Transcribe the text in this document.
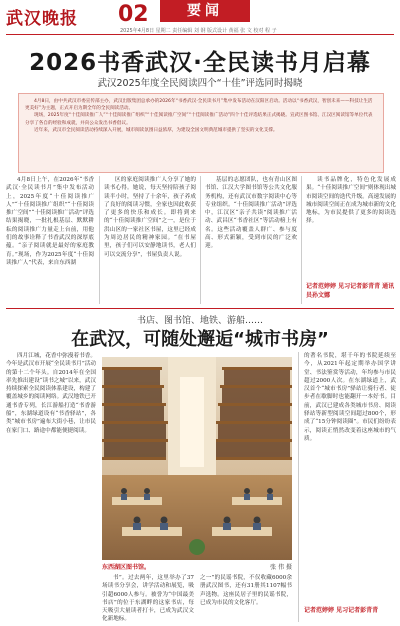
武汉晚报 02	要闻
2025年4月8日 星期二 责任编辑 刘 钢 版式设计 黄福 张 文 校对 程 子
2026书香武汉·全民读书月启幕
武汉2025年度全民阅读四个“十佳”评选同时揭晓

4月8日，由中共武汉市委宣传部主办，武汉出版集团总承办的2026年“书香武汉·全民读书月”集中发布活动在汉阳区启动。活动以“书香武汉，智创未来——科技让生活更美好”为主题，正式开启为期全年的全民阅读活动。

现场，2025年度“十佳阅读推广人”“十佳阅读推广组织”“十佳阅读推广空间”“十佳阅读推广活动”四个十佳评选结果正式揭晓。宣武区图书馆、江汉区阅读馆等单位代表分享了各自的经验和成就，并向公众发出书香倡议。

近年来，武汉市全民阅读活动持续深入开展，城市阅读氛围日益浓厚，为建设全国文明典范城市提供了坚实的文化支撑。

4月8日上午，在2026年“书香武汉·全民读书月”集中发布活动上，2025年度“十佳阅读推广人”“十佳阅读推广组织”“十佳阅读推广空间”“十佳阅读推广活动”评选结果揭晓，一批扎根基层、默默耕耘的阅读推广力量走上台前，用他们的故事诠释了书香武汉的深厚底蕴。“亲子阅读就是最好的家庭教育。”现场，作为2025年度“十佳阅读推广人”代表，来自东西湖

区的家庭阅读推广人分享了她的读书心得。她说，每天坚持陪孩子阅读半小时，坚持了十余年，孩子养成了良好的阅读习惯，全家也因此收获了更多的快乐和成长。即将到来的“十佳阅读推广空间”之一，是位于洪山区的一家社区书屋，这里已经成为周边居民的精神家园。“在书屋里，孩子们可以安静地读书，老人们可以交流分享”，书屋负责人说。

基层的志愿团队，也有青山区图书馆、江汉大学图书馆等公共文化服务机构，还有武汉市数字阅读中心等专业组织。“十佳阅读推广活动”评选中，江汉区“亲子共读”阅读推广活动、武昌区“书香社区”等活动榜上有名。这些活动覆盖人群广、参与度高、形式新颖，受到市民的广泛欢迎。

读书品牌化，特色化发展成果。“十佳阅读推广空间”则体现出城市阅读空间的迭代升级。高速发展的城市阅读空间正在成为城市新的文化地标，为市民提供了更多的阅读选择。

记者范婷婷 见习记者彭青青 通讯员孙文娜
书店、图书馆、地铁、游船……
在武汉，可随处邂逅“城市书房”

四月江城，花香中弥漫着书香。今年是武汉市开展“全民读书月”活动的第十二个年头。自2014年在全国率先推出建设“读书之城”以来，武汉持续探索全民阅读体系建设，构建了覆盖城乡的阅读网络。武汉地铁已开通书香专列，长江游船打造“书香游船”，东湖绿道设有“书香驿站”，各类“城市书房”遍布大街小巷，让市民在家门口、路途中都能便捷阅读。

东西湖区图书馆。	张 伟 摄

书”。过去两年，这里举办了37场读书分享会，讲学活动和展览，吸引超6000人参与。被誉为“中国最美书店”的位于东湖畔的这家书店，每天吸引大量读者打卡，已成为武汉文化新地标。

之一”的民谣书院，不仅收藏6000余册武汉图书，还有31册其1107幅书声选物。这座民居子里的民谣书院，已成为市民的文化客厅。

的著名书院，堪千年的书院延续至今，从2021年起定期举办国学讲堂、书法鉴赏等活动，年均参与市民超过2000人次。在东湖绿道上，武汉首个“城市书房”驿站让骑行者、徒步者在歇脚时也能翻开一本好书。目前，武汉已建成各类城市书房、阅读驿站等新型阅读空间超过800个，形成了“15分钟阅读圈”。市民们纷纷表示，阅读正悄然改变着这座城市的气质。

记者范婷婷 见习记者彭青青
